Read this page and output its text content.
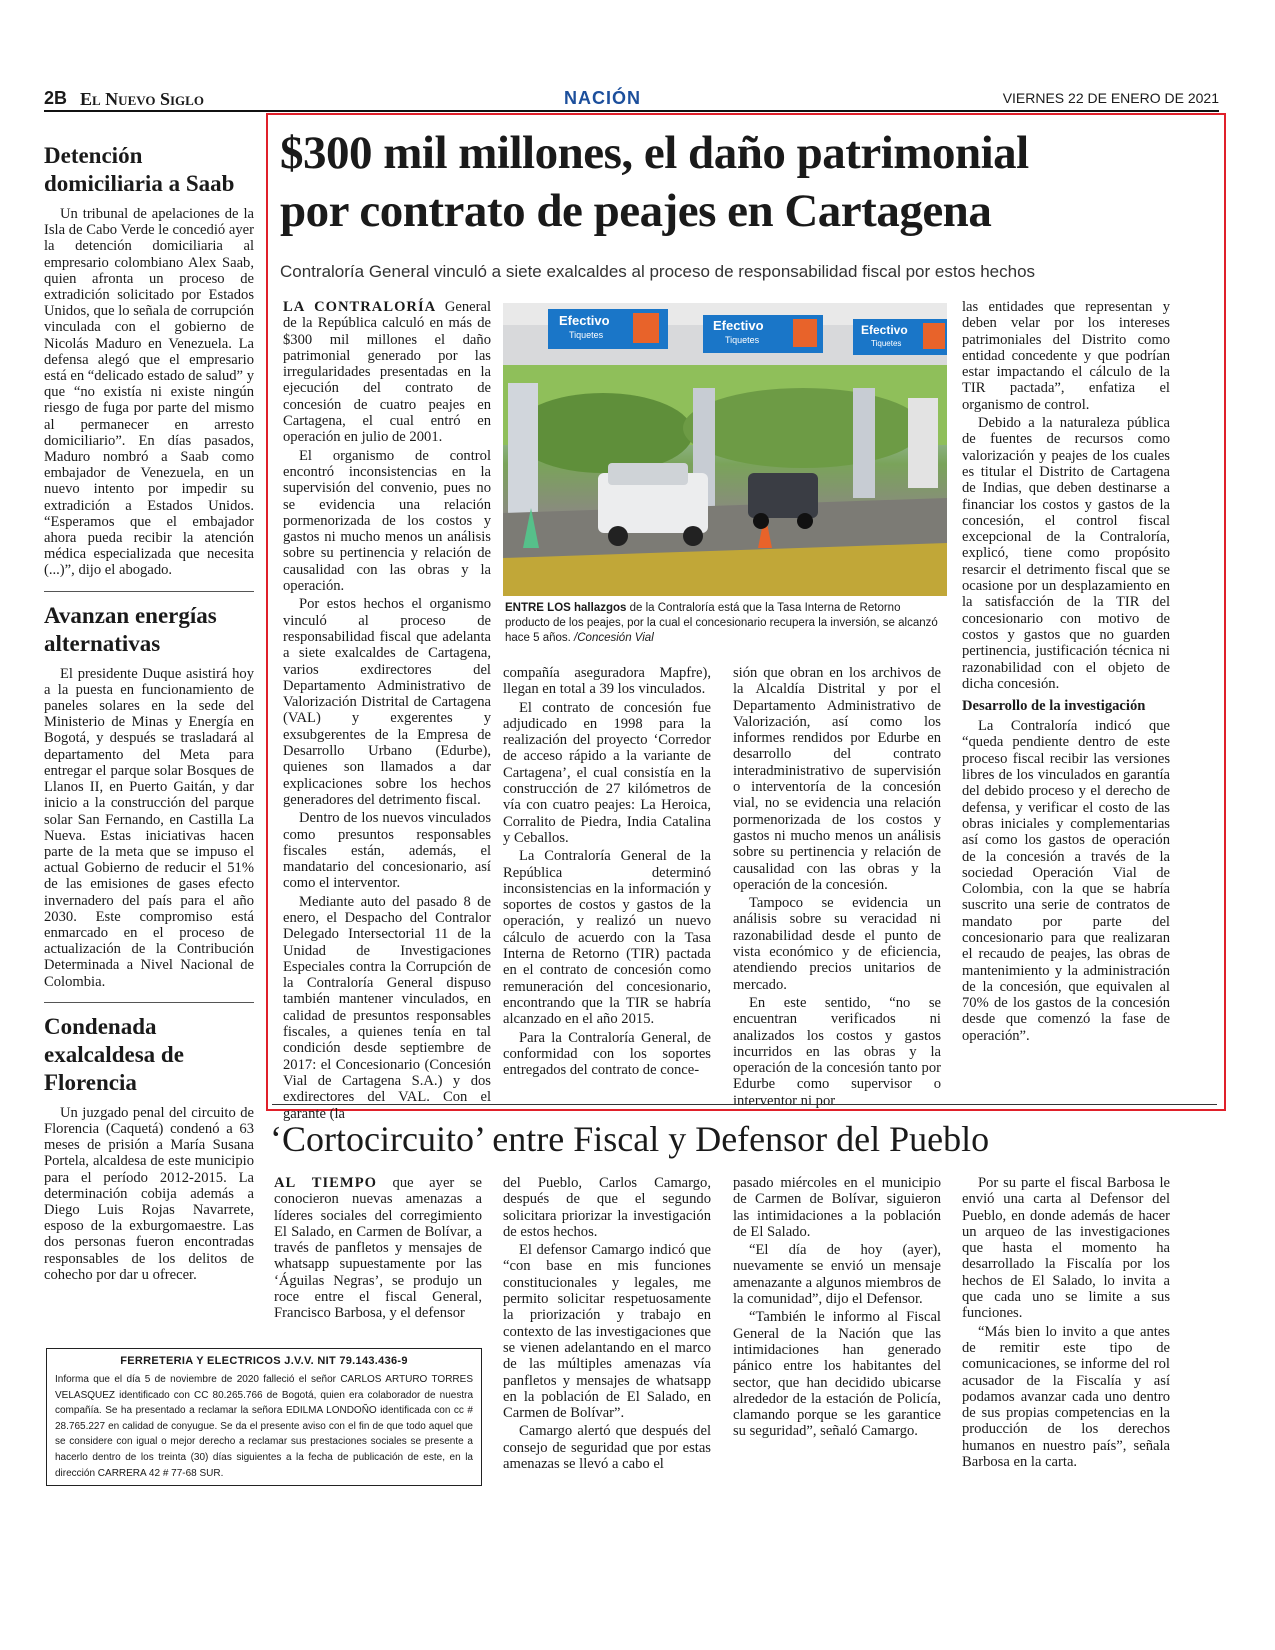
2B El Nuevo Siglo	NACIÓN	VIERNES 22 DE ENERO DE 2021
Detención domiciliaria a Saab

Un tribunal de apelaciones de la Isla de Cabo Verde le concedió ayer la detención domiciliaria al empresario colombiano Alex Saab, quien afronta un proceso de extradición solicitado por Estados Unidos, que lo señala de corrupción vinculada con el gobierno de Nicolás Maduro en Venezuela. La defensa alegó que el empresario está en “delicado estado de salud” y que “no existía ni existe ningún riesgo de fuga por parte del mismo al permanecer en arresto domiciliario”. En días pasados, Maduro nombró a Saab como embajador de Venezuela, en un nuevo intento por impedir su extradición a Estados Unidos. “Esperamos que el embajador ahora pueda recibir la atención médica especializada que necesita (...)”, dijo el abogado.

Avanzan energías alternativas

El presidente Duque asistirá hoy a la puesta en funcionamiento de paneles solares en la sede del Ministerio de Minas y Energía en Bogotá, y después se trasladará al departamento del Meta para entregar el parque solar Bosques de Llanos II, en Puerto Gaitán, y dar inicio a la construcción del parque solar San Fernando, en Castilla La Nueva. Estas iniciativas hacen parte de la meta que se impuso el actual Gobierno de reducir el 51% de las emisiones de gases efecto invernadero del país para el año 2030. Este compromiso está enmarcado en el proceso de actualización de la Contribución Determinada a Nivel Nacional de Colombia.

Condenada exalcaldesa de Florencia

Un juzgado penal del circuito de Florencia (Caquetá) condenó a 63 meses de prisión a María Susana Portela, alcaldesa de este municipio para el período 2012-2015. La determinación cobija además a Diego Luis Rojas Navarrete, esposo de la exburgomaestre. Las dos personas fueron encontradas responsables de los delitos de cohecho por dar u ofrecer.

$300 mil millones, el daño patrimonial
por contrato de peajes en Cartagena
Contraloría General vinculó a siete exalcaldes al proceso de responsabilidad fiscal por estos hechos

LA CONTRALORÍA General de la República calculó en más de $300 mil millones el daño patrimonial generado por las irregularidades presentadas en la ejecución del contrato de concesión de cuatro peajes en Cartagena, el cual entró en operación en julio de 2001.

El organismo de control encontró inconsistencias en la supervisión del convenio, pues no se evidencia una relación pormenorizada de los costos y gastos ni mucho menos un análisis sobre su pertinencia y relación de causalidad con las obras y la operación.

Por estos hechos el organismo vinculó al proceso de responsabilidad fiscal que adelanta a siete exalcaldes de Cartagena, varios exdirectores del Departamento Administrativo de Valorización Distrital de Cartagena (VAL) y exgerentes y exsubgerentes de la Empresa de Desarrollo Urbano (Edurbe), quienes son llamados a dar explicaciones sobre los hechos generadores del detrimento fiscal.

Dentro de los nuevos vinculados como presuntos responsables fiscales están, además, el mandatario del concesionario, así como el interventor.

Mediante auto del pasado 8 de enero, el Despacho del Contralor Delegado Intersectorial 11 de la Unidad de Investigaciones Especiales contra la Corrupción de la Contraloría General dispuso también mantener vinculados, en calidad de presuntos responsables fiscales, a quienes tenía en tal condición desde septiembre de 2017: el Concesionario (Concesión Vial de Cartagena S.A.) y dos exdirectores del VAL. Con el garante (la

Efectivo
Tiquetes
Efectivo
Tiquetes
Efectivo
Tiquetes
ENTRE LOS hallazgos de la Contraloría está que la Tasa Interna de Retorno producto de los peajes, por la cual el concesionario recupera la inversión, se alcanzó hace 5 años. /Concesión Vial

compañía aseguradora Mapfre), llegan en total a 39 los vinculados.

El contrato de concesión fue adjudicado en 1998 para la realización del proyecto ‘Corredor de acceso rápido a la variante de Cartagena’, el cual consistía en la construcción de 27 kilómetros de vía con cuatro peajes: La Heroica, Corralito de Piedra, India Catalina y Ceballos.

La Contraloría General de la República determinó inconsistencias en la información y soportes de costos y gastos de la operación, y realizó un nuevo cálculo de acuerdo con la Tasa Interna de Retorno (TIR) pactada en el contrato de concesión como remuneración del concesionario, encontrando que la TIR se habría alcanzado en el año 2015.

Para la Contraloría General, de conformidad con los soportes entregados del contrato de conce-

sión que obran en los archivos de la Alcaldía Distrital y por el Departamento Administrativo de Valorización, así como los informes rendidos por Edurbe en desarrollo del contrato interadministrativo de supervisión o interventoría de la concesión vial, no se evidencia una relación pormenorizada de los costos y gastos ni mucho menos un análisis sobre su pertinencia y relación de causalidad con las obras y la operación de la concesión.

Tampoco se evidencia un análisis sobre su veracidad ni razonabilidad desde el punto de vista económico y de eficiencia, atendiendo precios unitarios de mercado.

En este sentido, “no se encuentran verificados ni analizados los costos y gastos incurridos en las obras y la operación de la concesión tanto por Edurbe como supervisor o interventor ni por

las entidades que representan y deben velar por los intereses patrimoniales del Distrito como entidad concedente y que podrían estar impactando el cálculo de la TIR pactada”, enfatiza el organismo de control.

Debido a la naturaleza pública de fuentes de recursos como valorización y peajes de los cuales es titular el Distrito de Cartagena de Indias, que deben destinarse a financiar los costos y gastos de la concesión, el control fiscal excepcional de la Contraloría, explicó, tiene como propósito resarcir el detrimento fiscal que se ocasione por un desplazamiento en la satisfacción de la TIR del concesionario con motivo de costos y gastos que no guarden pertinencia, justificación técnica ni razonabilidad con el objeto de dicha concesión.

Desarrollo de la investigación

La Contraloría indicó que “queda pendiente dentro de este proceso fiscal recibir las versiones libres de los vinculados en garantía del debido proceso y el derecho de defensa, y verificar el costo de las obras iniciales y complementarias así como los gastos de operación de la concesión a través de la sociedad Operación Vial de Colombia, con la que se habría suscrito una serie de contratos de mandato por parte del concesionario para que realizaran el recaudo de peajes, las obras de mantenimiento y la administración de la concesión, que equivalen al 70% de los gastos de la concesión desde que comenzó la fase de operación”.

‘Cortocircuito’ entre Fiscal y Defensor del Pueblo

AL TIEMPO que ayer se conocieron nuevas amenazas a líderes sociales del corregimiento El Salado, en Carmen de Bolívar, a través de panfletos y mensajes de whatsapp supuestamente por las ‘Águilas Negras’, se produjo un roce entre el fiscal General, Francisco Barbosa, y el defensor

del Pueblo, Carlos Camargo, después de que el segundo solicitara priorizar la investigación de estos hechos.

El defensor Camargo indicó que “con base en mis funciones constitucionales y legales, me permito solicitar respetuosamente la priorización y trabajo en contexto de las investigaciones que se vienen adelantando en el marco de las múltiples amenazas vía panfletos y mensajes de whatsapp en la población de El Salado, en Carmen de Bolívar”.

Camargo alertó que después del consejo de seguridad que por estas amenazas se llevó a cabo el

pasado miércoles en el municipio de Carmen de Bolívar, siguieron las intimidaciones a la población de El Salado.

“El día de hoy (ayer), nuevamente se envió un mensaje amenazante a algunos miembros de la comunidad”, dijo el Defensor.

“También le informo al Fiscal General de la Nación que las intimidaciones han generado pánico entre los habitantes del sector, que han decidido ubicarse alrededor de la estación de Policía, clamando porque se les garantice su seguridad”, señaló Camargo.

Por su parte el fiscal Barbosa le envió una carta al Defensor del Pueblo, en donde además de hacer un arqueo de las investigaciones que hasta el momento ha desarrollado la Fiscalía por los hechos de El Salado, lo invita a que cada uno se limite a sus funciones.

“Más bien lo invito a que antes de remitir este tipo de comunicaciones, se informe del rol acusador de la Fiscalía y así podamos avanzar cada uno dentro de sus propias competencias en la producción de los derechos humanos en nuestro país”, señala Barbosa en la carta.

FERRETERIA Y ELECTRICOS J.V.V. NIT 79.143.436-9
Informa que el día 5 de noviembre de 2020 falleció el señor CARLOS ARTURO TORRES VELASQUEZ identificado con CC 80.265.766 de Bogotá, quien era colaborador de nuestra compañía. Se ha presentado a reclamar la señora EDILMA LONDOÑO identificada con cc # 28.765.227 en calidad de conyugue. Se da el presente aviso con el fin de que todo aquel que se considere con igual o mejor derecho a reclamar sus prestaciones sociales se presente a hacerlo dentro de los treinta (30) días siguientes a la fecha de publicación de este, en la dirección CARRERA 42 # 77-68 SUR.
